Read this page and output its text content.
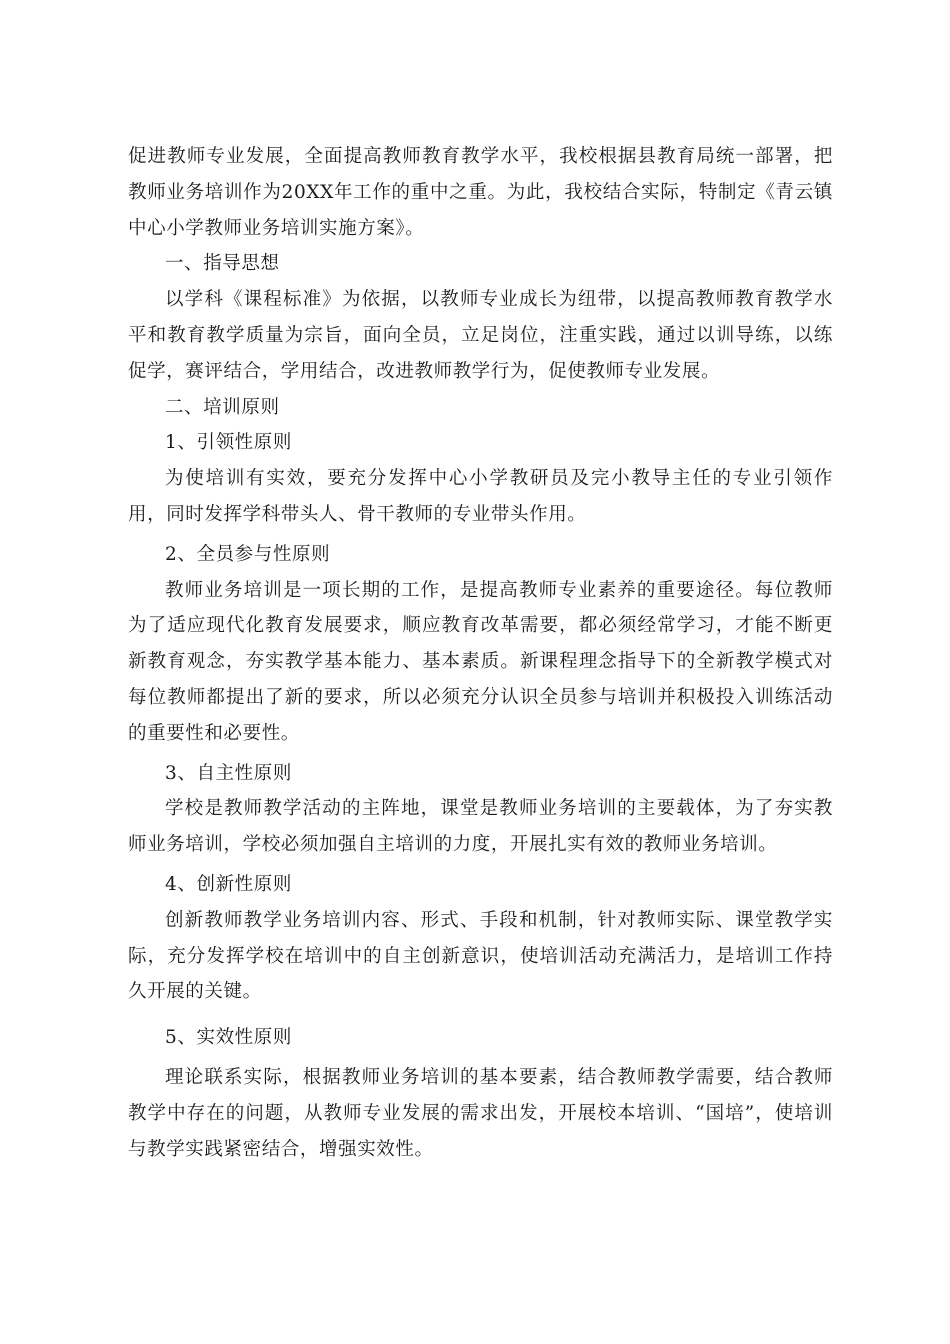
促进教师专业发展，全面提高教师教育教学水平，我校根据县教育局统一部署，把教师业务培训作为20XX年工作的重中之重。为此，我校结合实际，特制定《青云镇中心小学教师业务培训实施方案》。

一、指导思想

以学科《课程标准》为依据，以教师专业成长为纽带，以提高教师教育教学水平和教育教学质量为宗旨，面向全员，立足岗位，注重实践，通过以训导练，以练促学，赛评结合，学用结合，改进教师教学行为，促使教师专业发展。

二、培训原则

1、引领性原则

为使培训有实效，要充分发挥中心小学教研员及完小教导主任的专业引领作用，同时发挥学科带头人、骨干教师的专业带头作用。

2、全员参与性原则

教师业务培训是一项长期的工作，是提高教师专业素养的重要途径。每位教师为了适应现代化教育发展要求，顺应教育改革需要，都必须经常学习，才能不断更新教育观念，夯实教学基本能力、基本素质。新课程理念指导下的全新教学模式对每位教师都提出了新的要求，所以必须充分认识全员参与培训并积极投入训练活动的重要性和必要性。

3、自主性原则

学校是教师教学活动的主阵地，课堂是教师业务培训的主要载体，为了夯实教师业务培训，学校必须加强自主培训的力度，开展扎实有效的教师业务培训。

4、创新性原则

创新教师教学业务培训内容、形式、手段和机制，针对教师实际、课堂教学实际，充分发挥学校在培训中的自主创新意识，使培训活动充满活力，是培训工作持久开展的关键。

5、实效性原则

理论联系实际，根据教师业务培训的基本要素，结合教师教学需要，结合教师教学中存在的问题，从教师专业发展的需求出发，开展校本培训、“国培”，使培训与教学实践紧密结合，增强实效性。
